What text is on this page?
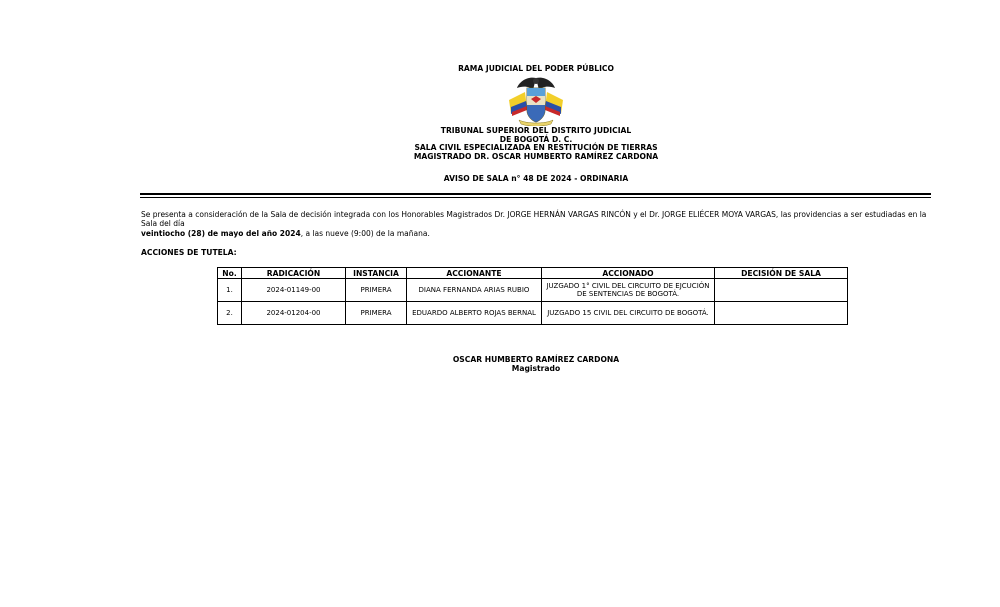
RAMA JUDICIAL DEL PODER PÚBLICO
TRIBUNAL SUPERIOR DEL DISTRITO JUDICIAL
DE BOGOTÁ D. C.
SALA CIVIL ESPECIALIZADA EN RESTITUCIÓN DE TIERRAS
MAGISTRADO DR. OSCAR HUMBERTO RAMÍREZ CARDONA
AVISO DE SALA n° 48 DE 2024 - ORDINARIA
Se presenta a consideración de la Sala de decisión integrada con los Honorables Magistrados Dr. JORGE HERNÁN VARGAS RINCÓN y el Dr. JORGE ELIÉCER MOYA VARGAS, las providencias a ser estudiadas en la Sala del día
veintiocho (28) de mayo del año 2024, a las nueve (9:00) de la mañana.
ACCIONES DE TUTELA:
No.	RADICACIÓN	INSTANCIA	ACCIONANTE	ACCIONADO	DECISIÓN DE SALA
1.	2024-01149-00	PRIMERA	DIANA FERNANDA ARIAS RUBIO	JUZGADO 1° CIVIL DEL CIRCUITO DE EJCUCIÓN DE SENTENCIAS DE BOGOTÁ.	
2.	2024-01204-00	PRIMERA	EDUARDO ALBERTO ROJAS BERNAL	JUZGADO 15 CIVIL DEL CIRCUITO DE BOGOTÁ.	
OSCAR HUMBERTO RAMÍREZ CARDONA
Magistrado
